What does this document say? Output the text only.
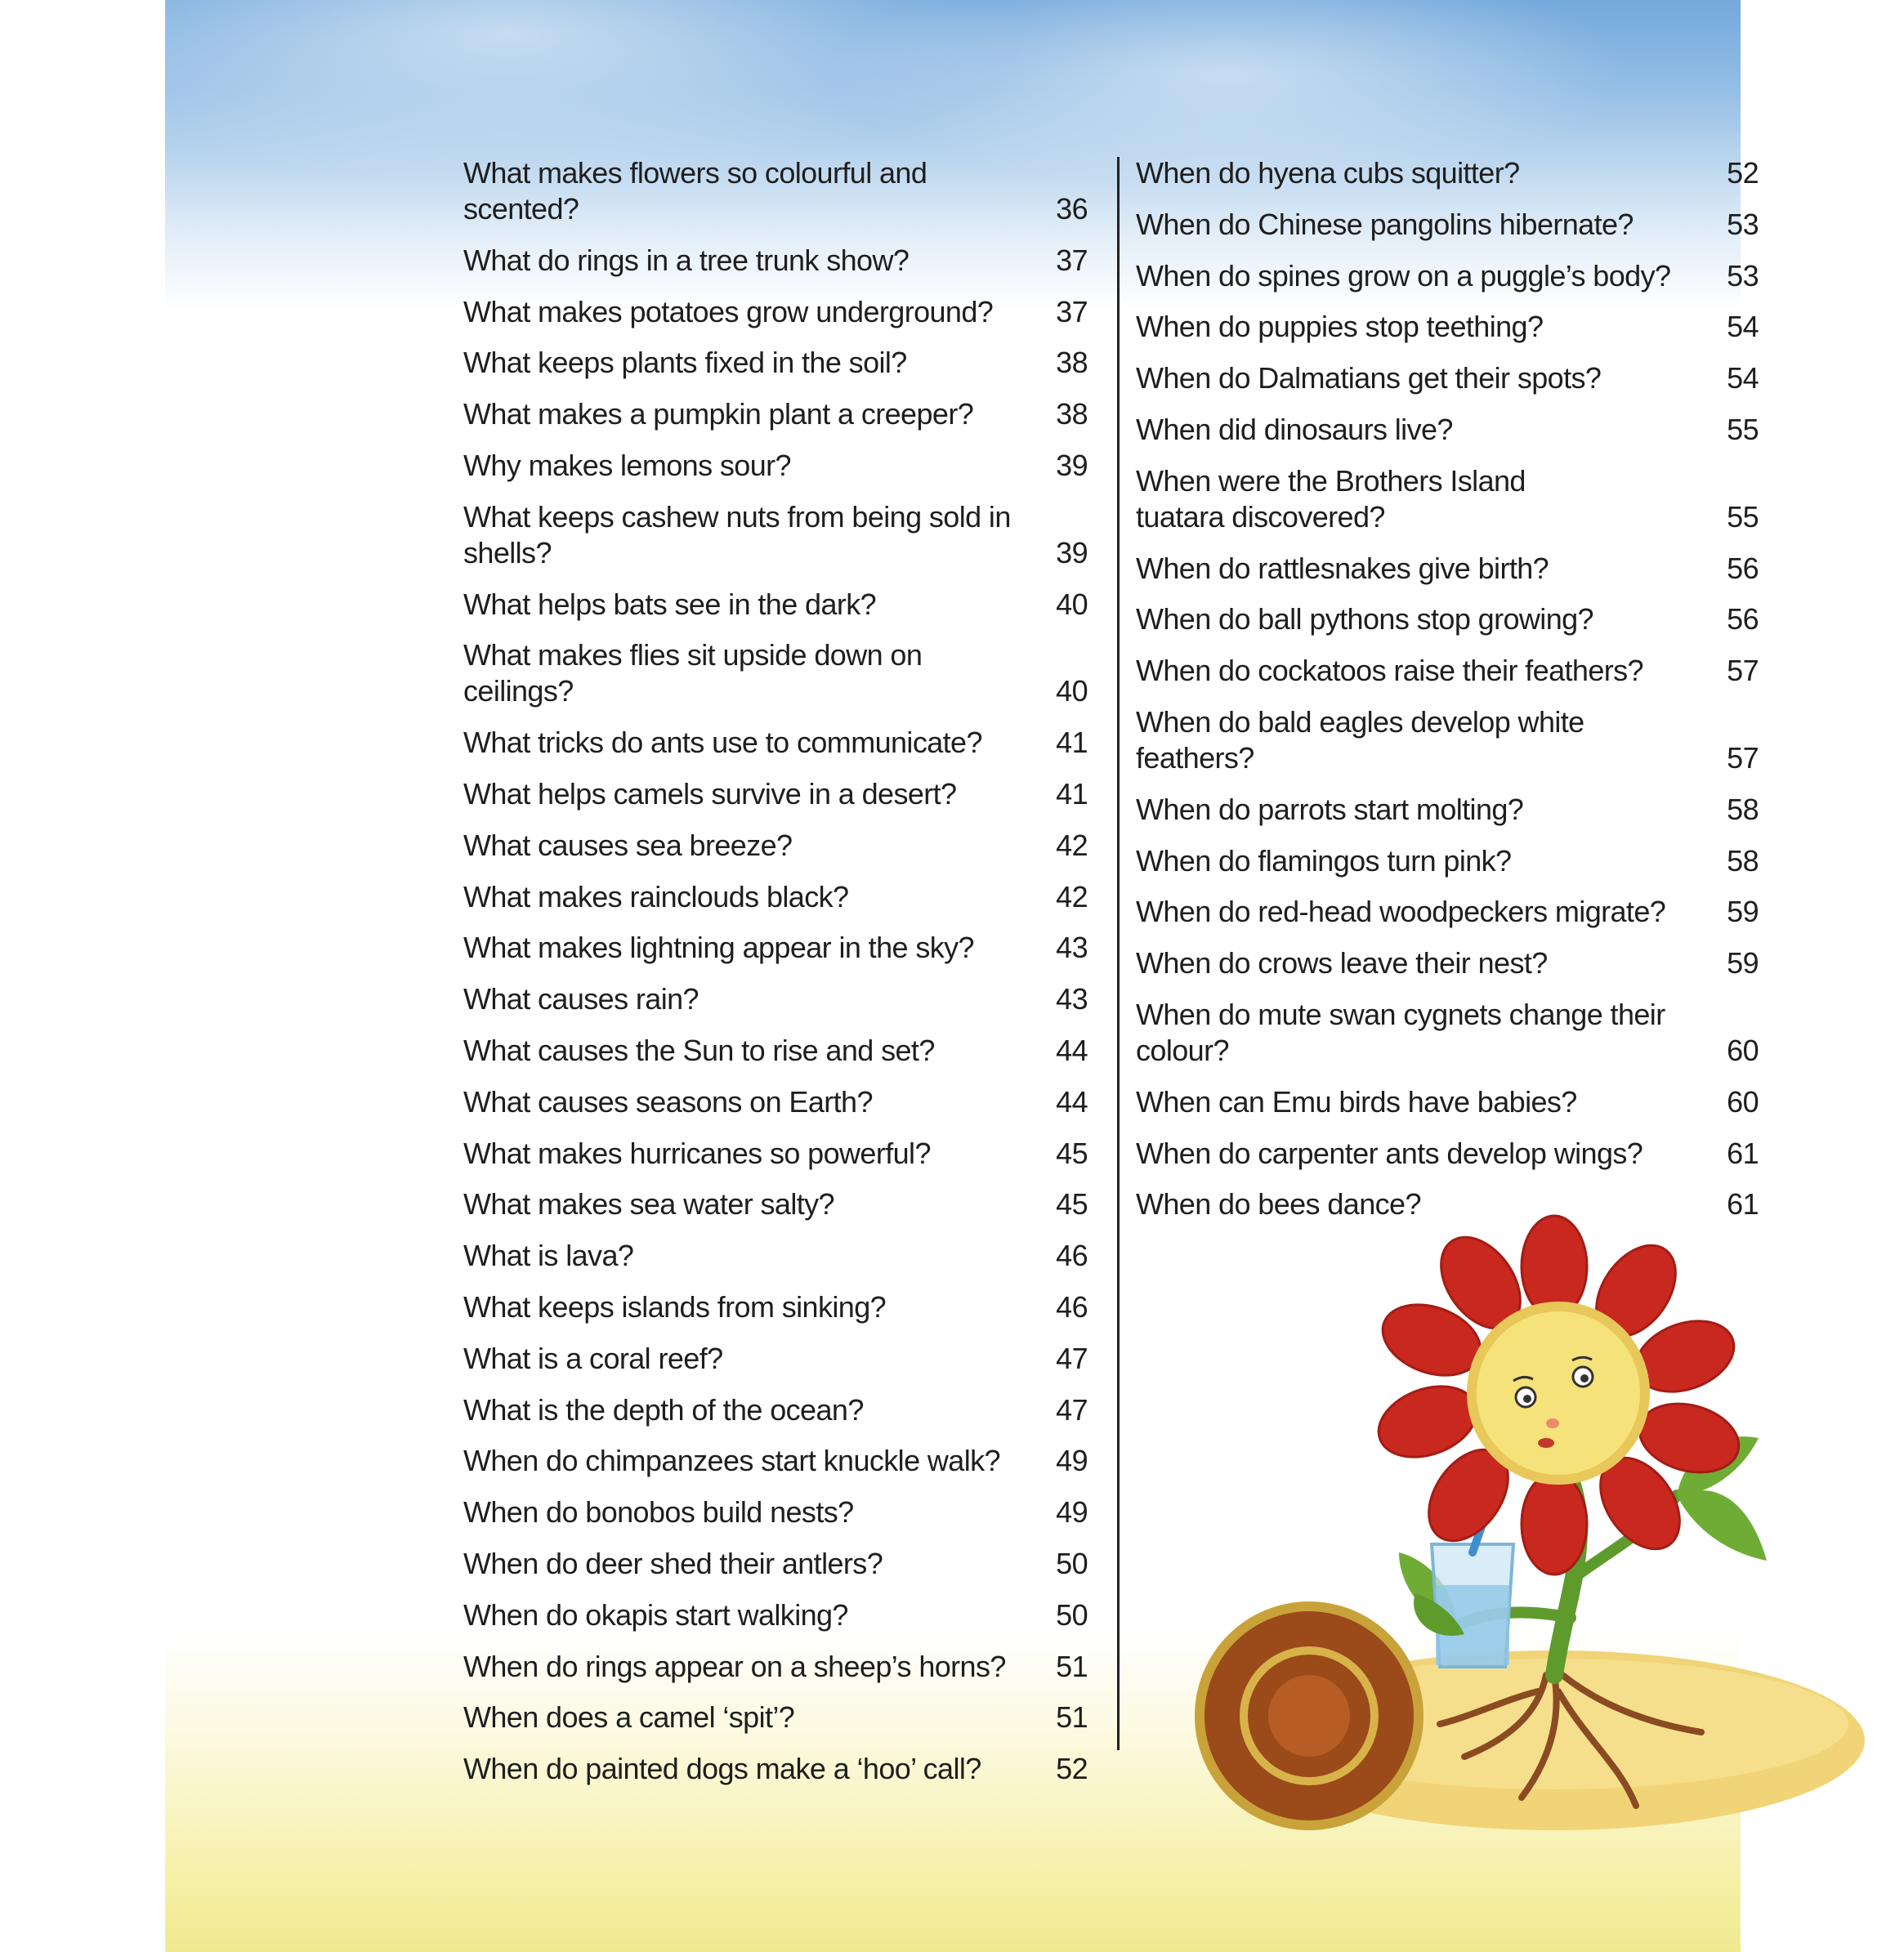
What makes flowers so colourful and scented?	36
What do rings in a tree trunk show?	37
What makes potatoes grow underground?	37
What keeps plants fixed in the soil?	38
What makes a pumpkin plant a creeper?	38
Why makes lemons sour?	39
What keeps cashew nuts from being sold in shells?	39
What helps bats see in the dark?	40
What makes flies sit upside down on ceilings?	40
What tricks do ants use to communicate?	41
What helps camels survive in a desert?	41
What causes sea breeze?	42
What makes rainclouds black?	42
What makes lightning appear in the sky?	43
What causes rain?	43
What causes the Sun to rise and set?	44
What causes seasons on Earth?	44
What makes hurricanes so powerful?	45
What makes sea water salty?	45
What is lava?	46
What keeps islands from sinking?	46
What is a coral reef?	47
What is the depth of the ocean?	47
When do chimpanzees start knuckle walk?	49
When do bonobos build nests?	49
When do deer shed their antlers?	50
When do okapis start walking?	50
When do rings appear on a sheep’s horns?	51
When does a camel ‘spit’?	51
When do painted dogs make a ‘hoo’ call?	52
When do hyena cubs squitter?	52
When do Chinese pangolins hibernate?	53
When do spines grow on a puggle’s body?	53
When do puppies stop teething?	54
When do Dalmatians get their spots?	54
When did dinosaurs live?	55
When were the Brothers Island
tuatara discovered?	55
When do rattlesnakes give birth?	56
When do ball pythons stop growing?	56
When do cockatoos raise their feathers?	57
When do bald eagles develop white feathers?	57
When do parrots start molting?	58
When do flamingos turn pink?	58
When do red-head woodpeckers migrate?	59
When do crows leave their nest?	59
When do mute swan cygnets change their colour?	60
When can Emu birds have babies?	60
When do carpenter ants develop wings?	61
When do bees dance?	61
